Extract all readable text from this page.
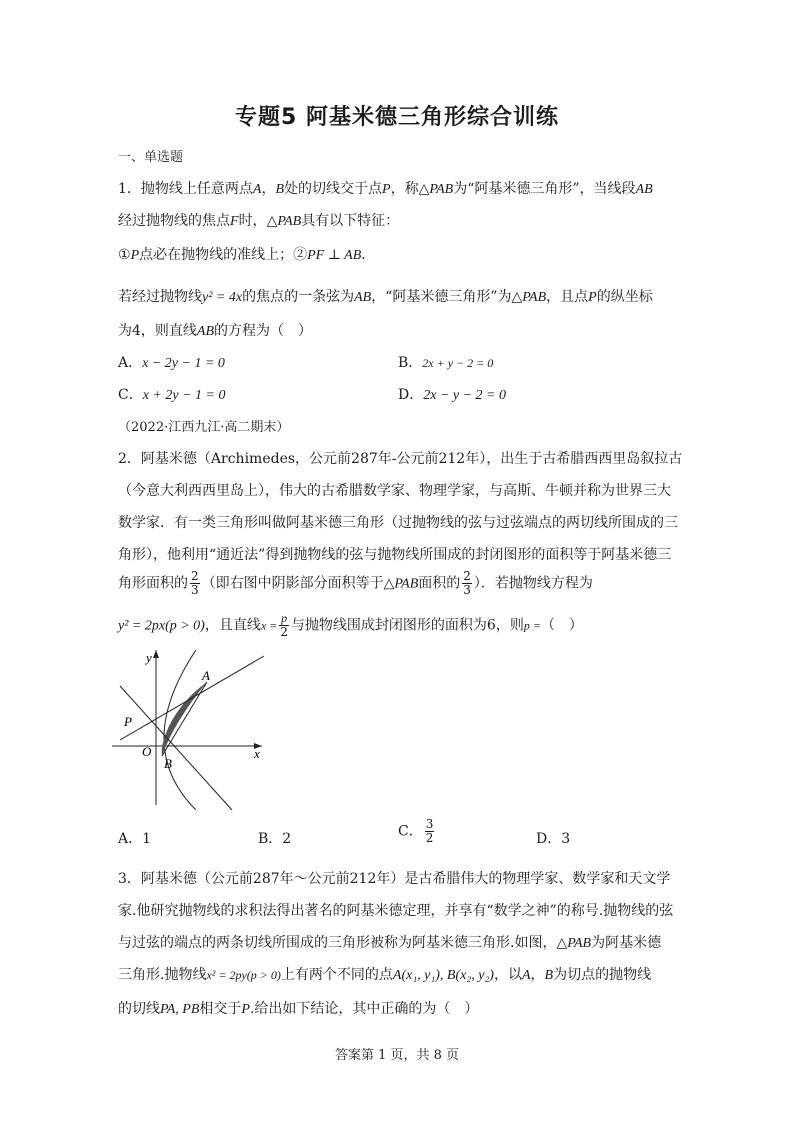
专题5 阿基米德三角形综合训练
一、单选题
1．抛物线上任意两点A，B处的切线交于点P，称△PAB为“阿基米德三角形”，当线段AB
经过抛物线的焦点F时，△PAB具有以下特征：
①P点必在抛物线的准线上；②PF ⊥ AB．
若经过抛物线y² = 4x的焦点的一条弦为AB，“阿基米德三角形”为△PAB，且点P的纵坐标
为4，则直线AB的方程为（　）
A．x − 2y − 1 = 0	B．2x + y − 2 = 0
C．x + 2y − 1 = 0	D．2x − y − 2 = 0
（2022·江西九江·高二期末）
2．阿基米德（Archimedes，公元前287年-公元前212年），出生于古希腊西西里岛叙拉古
（今意大利西西里岛上），伟大的古希腊数学家、物理学家，与高斯、牛顿并称为世界三大
数学家．有一类三角形叫做阿基米德三角形（过抛物线的弦与过弦端点的两切线所围成的三
角形），他利用“通近法”得到抛物线的弦与抛物线所围成的封闭图形的面积等于阿基米德三
角形面积的 $\frac{2}{3}$ （即右图中阴影部分面积等于△PAB面积的 $\frac{2}{3}$ ）．若抛物线方程为
y² = 2px(p > 0)，且直线$x = \frac{p}{2}$ 与抛物线围成封闭图形的面积为6，则p =（　）
y
x
A
P
O
B
A．1	B．2	C． $\frac{3}{2}$	D．3
3．阿基米德（公元前287年～公元前212年）是古希腊伟大的物理学家、数学家和天文学
家.他研究抛物线的求积法得出著名的阿基米德定理，并享有“数学之神”的称号.抛物线的弦
与过弦的端点的两条切线所围成的三角形被称为阿基米德三角形.如图，△PAB为阿基米德
三角形.抛物线x² = 2py(p > 0)上有两个不同的点A(x₁, y₁), B(x₂, y₂)，以A，B为切点的抛物线
的切线PA, PB相交于P.给出如下结论，其中正确的为（　）
答案第 1 页，共 8 页
